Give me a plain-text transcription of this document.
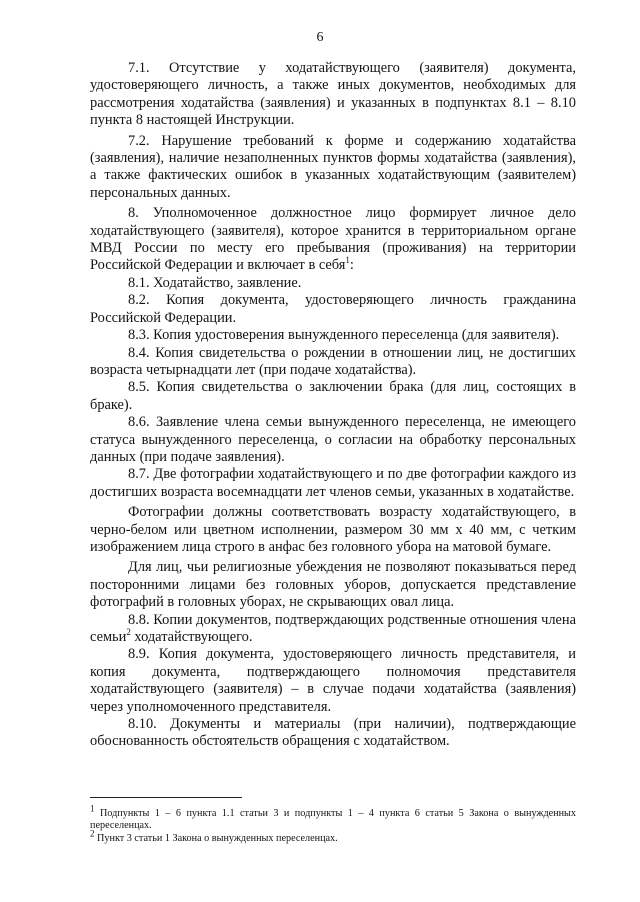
6

7.1. Отсутствие у ходатайствующего (заявителя) документа, удостоверяющего личность, а также иных документов, необходимых для рассмотрения ходатайства (заявления) и указанных в подпунктах 8.1 – 8.10 пункта 8 настоящей Инструкции.

7.2. Нарушение требований к форме и содержанию ходатайства (заявления), наличие незаполненных пунктов формы ходатайства (заявления), а также фактических ошибок в указанных ходатайствующим (заявителем) персональных данных.

8. Уполномоченное должностное лицо формирует личное дело ходатайствующего (заявителя), которое хранится в территориальном органе МВД России по месту его пребывания (проживания) на территории Российской Федерации и включает в себя$^1$:

8.1. Ходатайство, заявление.

8.2. Копия документа, удостоверяющего личность гражданина Российской Федерации.

8.3. Копия удостоверения вынужденного переселенца (для заявителя).

8.4. Копия свидетельства о рождении в отношении лиц, не достигших возраста четырнадцати лет (при подаче ходатайства).

8.5. Копия свидетельства о заключении брака (для лиц, состоящих в браке).

8.6. Заявление члена семьи вынужденного переселенца, не имеющего статуса вынужденного переселенца, о согласии на обработку персональных данных (при подаче заявления).

8.7. Две фотографии ходатайствующего и по две фотографии каждого из достигших возраста восемнадцати лет членов семьи, указанных в ходатайстве.

Фотографии должны соответствовать возрасту ходатайствующего, в черно-белом или цветном исполнении, размером 30 мм х 40 мм, с четким изображением лица строго в анфас без головного убора на матовой бумаге.

Для лиц, чьи религиозные убеждения не позволяют показываться перед посторонними лицами без головных уборов, допускается представление фотографий в головных уборах, не скрывающих овал лица.

8.8. Копии документов, подтверждающих родственные отношения члена семьи$^2$ ходатайствующего.

8.9. Копия документа, удостоверяющего личность представителя, и копия документа, подтверждающего полномочия представителя ходатайствующего (заявителя) – в случае подачи ходатайства (заявления) через уполномоченного представителя.

8.10. Документы и материалы (при наличии), подтверждающие обоснованность обстоятельств обращения с ходатайством.

$^1$ Подпункты 1 – 6 пункта 1.1 статьи 3 и подпункты 1 – 4 пункта 6 статьи 5 Закона о вынужденных переселенцах.

$^2$ Пункт 3 статьи 1 Закона о вынужденных переселенцах.
